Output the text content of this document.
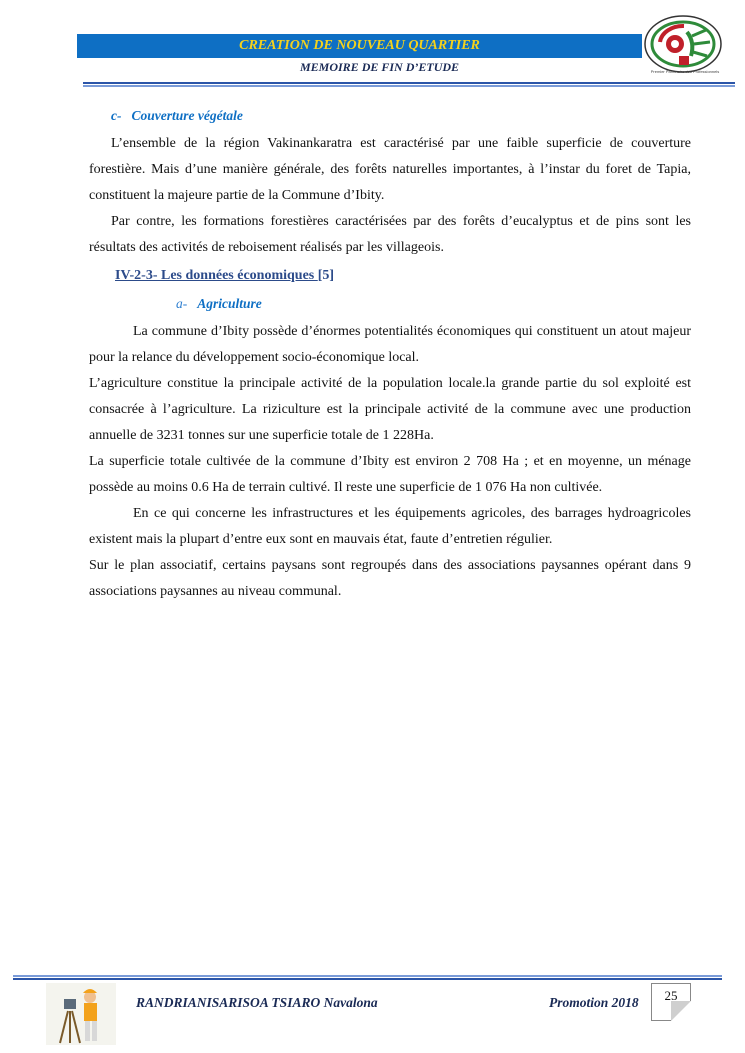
CREATION DE NOUVEAU QUARTIER
MEMOIRE DE FIN D’ETUDE	Premier Partenaire des Professionnels
c- Couverture végétale

L’ensemble de la région Vakinankaratra est caractérisé par une faible superficie de couverture forestière. Mais d’une manière générale, des forêts naturelles importantes, à l’instar du foret de Tapia, constituent la majeure partie de la Commune d’Ibity.

Par contre, les formations forestières caractérisées par des forêts d’eucalyptus et de pins sont les résultats des activités de reboisement réalisés par les villageois.

IV-2-3- Les données économiques [5]
a- Agriculture

La commune d’Ibity possède d’énormes potentialités économiques qui constituent un atout majeur pour la relance du développement socio-économique local.

L’agriculture constitue la principale activité de la population locale.la grande partie du sol exploité est consacrée à l’agriculture. La riziculture est la principale activité de la commune avec une production annuelle de 3231 tonnes sur une superficie totale de 1 228Ha.

La superficie totale cultivée de la commune d’Ibity est environ 2 708 Ha ; et en moyenne, un ménage possède au moins 0.6 Ha de terrain cultivé. Il reste une superficie de 1 076 Ha non cultivée.

En ce qui concerne les infrastructures et les équipements agricoles, des barrages hydroagricoles existent mais la plupart d’entre eux sont en mauvais état, faute d’entretien régulier.

Sur le plan associatif, certains paysans sont regroupés dans des associations paysannes opérant dans 9 associations paysannes au niveau communal.

RANDRIANISARISOA TSIARO Navalona	Promotion 2018	25
